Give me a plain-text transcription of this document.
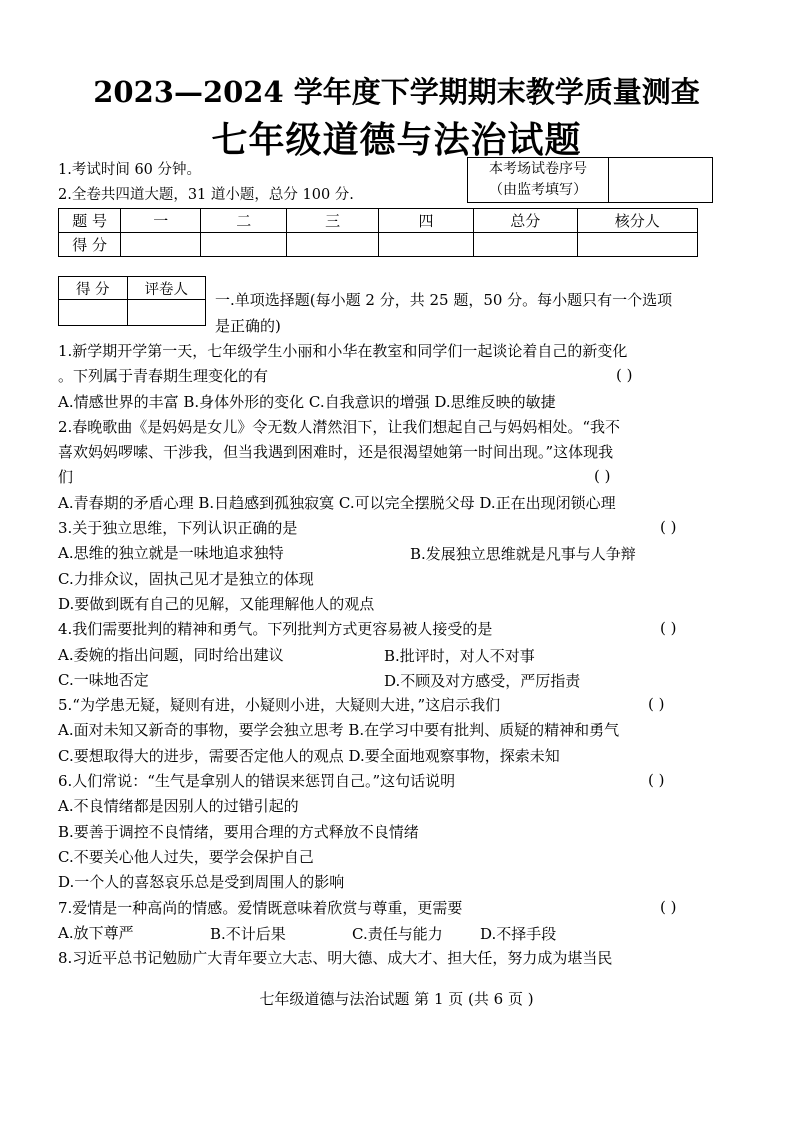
2023—2024 学年度下学期期末教学质量测查
七年级道德与法治试题
1.考试时间 60 分钟。
2.全卷共四道大题，31 道小题，总分 100 分.
本考场试卷序号
（由监考填写）

题 号	一	二	三	四	总分	核分人
得 分						
得 分	评卷人

一.单项选择题(每小题 2 分，共 25 题，50 分。每小题只有一个选项
是正确的)
1.新学期开学第一天，七年级学生小丽和小华在教室和同学们一起谈论着自己的新变化
。下列属于青春期生理变化的有	( )
A.情感世界的丰富 B.身体外形的变化 C.自我意识的增强 D.思维反映的敏捷
2.春晚歌曲《是妈妈是女儿》令无数人潸然泪下，让我们想起自己与妈妈相处。“我不
喜欢妈妈啰嗦、干涉我，但当我遇到困难时，还是很渴望她第一时间出现。”这体现我
们	( )
A.青春期的矛盾心理 B.日趋感到孤独寂寞 C.可以完全摆脱父母 D.正在出现闭锁心理
3.关于独立思维，下列认识正确的是	( )
A.思维的独立就是一味地追求独特	B.发展独立思维就是凡事与人争辩
C.力排众议，固执己见才是独立的体现
D.要做到既有自己的见解，又能理解他人的观点
4.我们需要批判的精神和勇气。下列批判方式更容易被人接受的是	( )
A.委婉的指出问题，同时给出建议	B.批评时，对人不对事
C.一味地否定	D.不顾及对方感受，严厉指责
5.“为学患无疑，疑则有进，小疑则小进，大疑则大进，”这启示我们	( )
A.面对未知又新奇的事物，要学会独立思考 B.在学习中要有批判、质疑的精神和勇气
C.要想取得大的进步，需要否定他人的观点 D.要全面地观察事物，探索未知
6.人们常说：“生气是拿别人的错误来惩罚自己。”这句话说明	( )
A.不良情绪都是因别人的过错引起的
B.要善于调控不良情绪，要用合理的方式释放不良情绪
C.不要关心他人过失，要学会保护自己
D.一个人的喜怒哀乐总是受到周围人的影响
7.爱情是一种高尚的情感。爱情既意味着欣赏与尊重，更需要	( )
A.放下尊严	B.不计后果	C.责任与能力 D.不择手段
8.习近平总书记勉励广大青年要立大志、明大德、成大才、担大任，努力成为堪当民
七年级道德与法治试题 第 1 页 (共 6 页 )
